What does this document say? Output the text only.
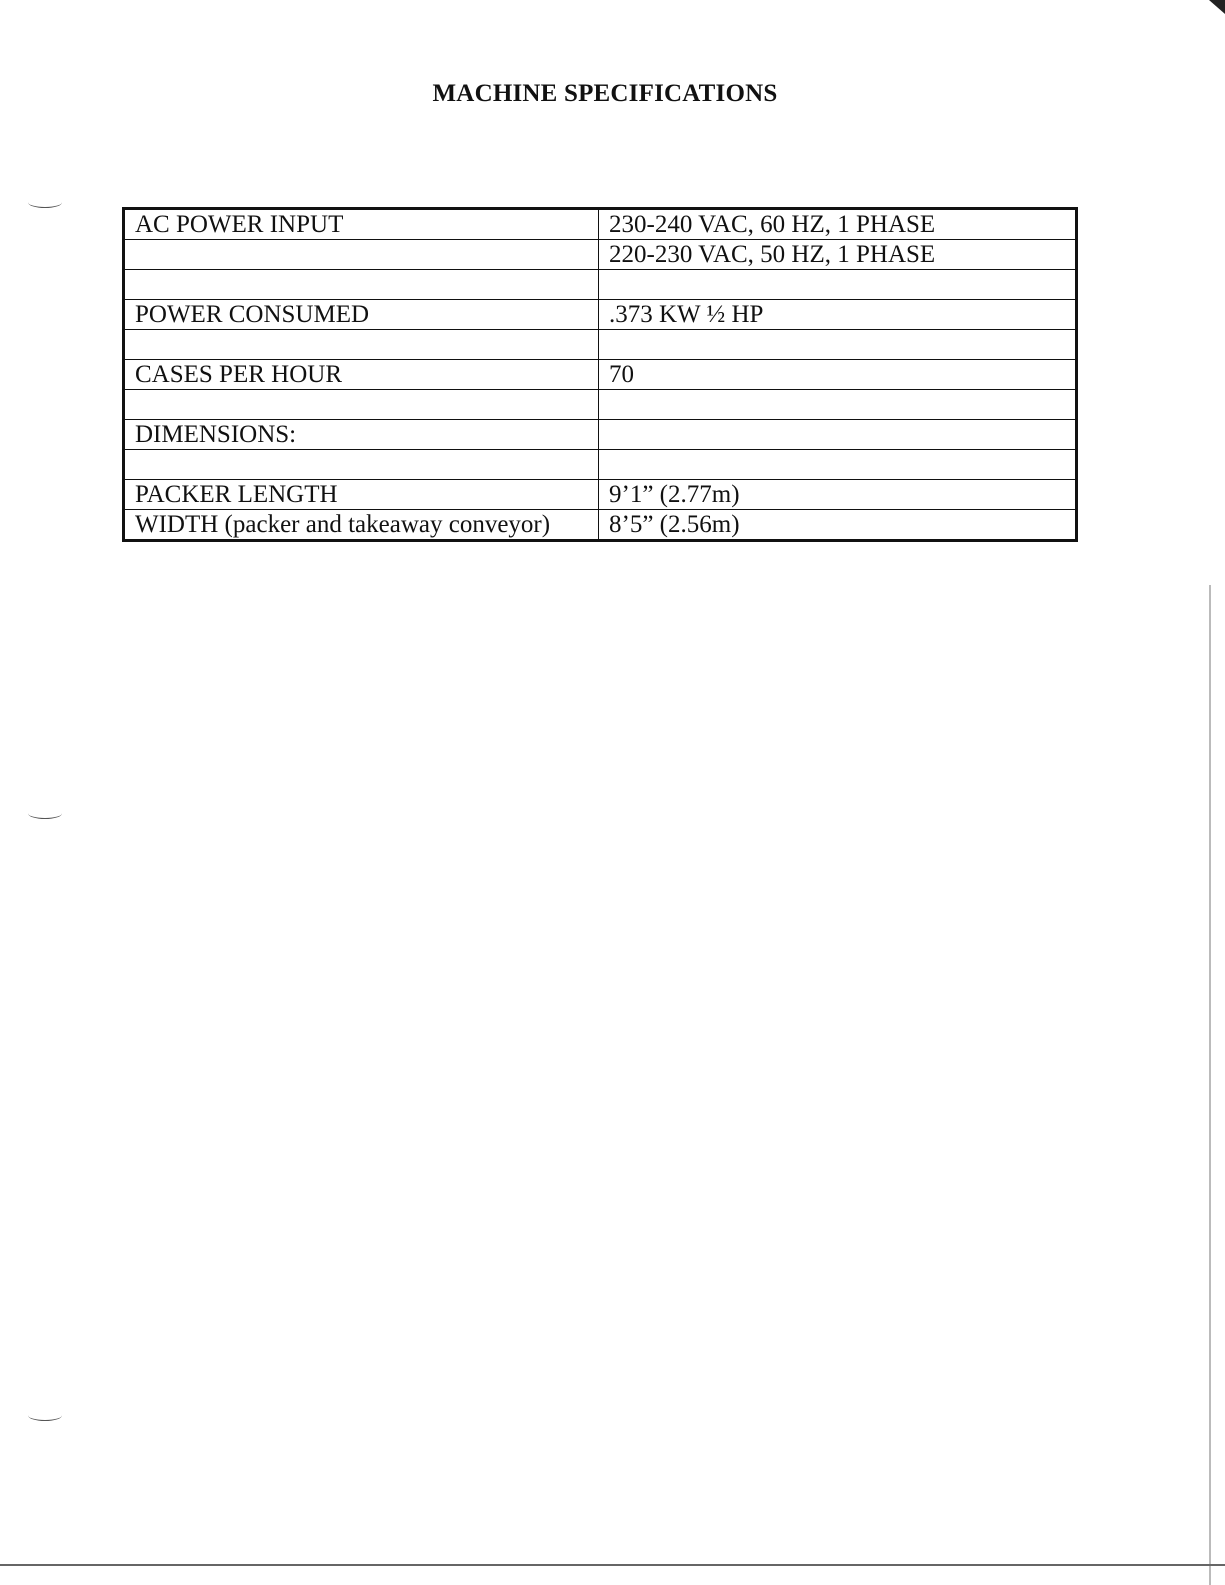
MACHINE SPECIFICATIONS
AC POWER INPUT	230-240 VAC, 60 HZ, 1 PHASE
	220-230 VAC, 50 HZ, 1 PHASE

POWER CONSUMED	.373 KW ½ HP

CASES PER HOUR	70

DIMENSIONS:	

PACKER LENGTH	9’1” (2.77m)
WIDTH (packer and takeaway conveyor)	8’5” (2.56m)
